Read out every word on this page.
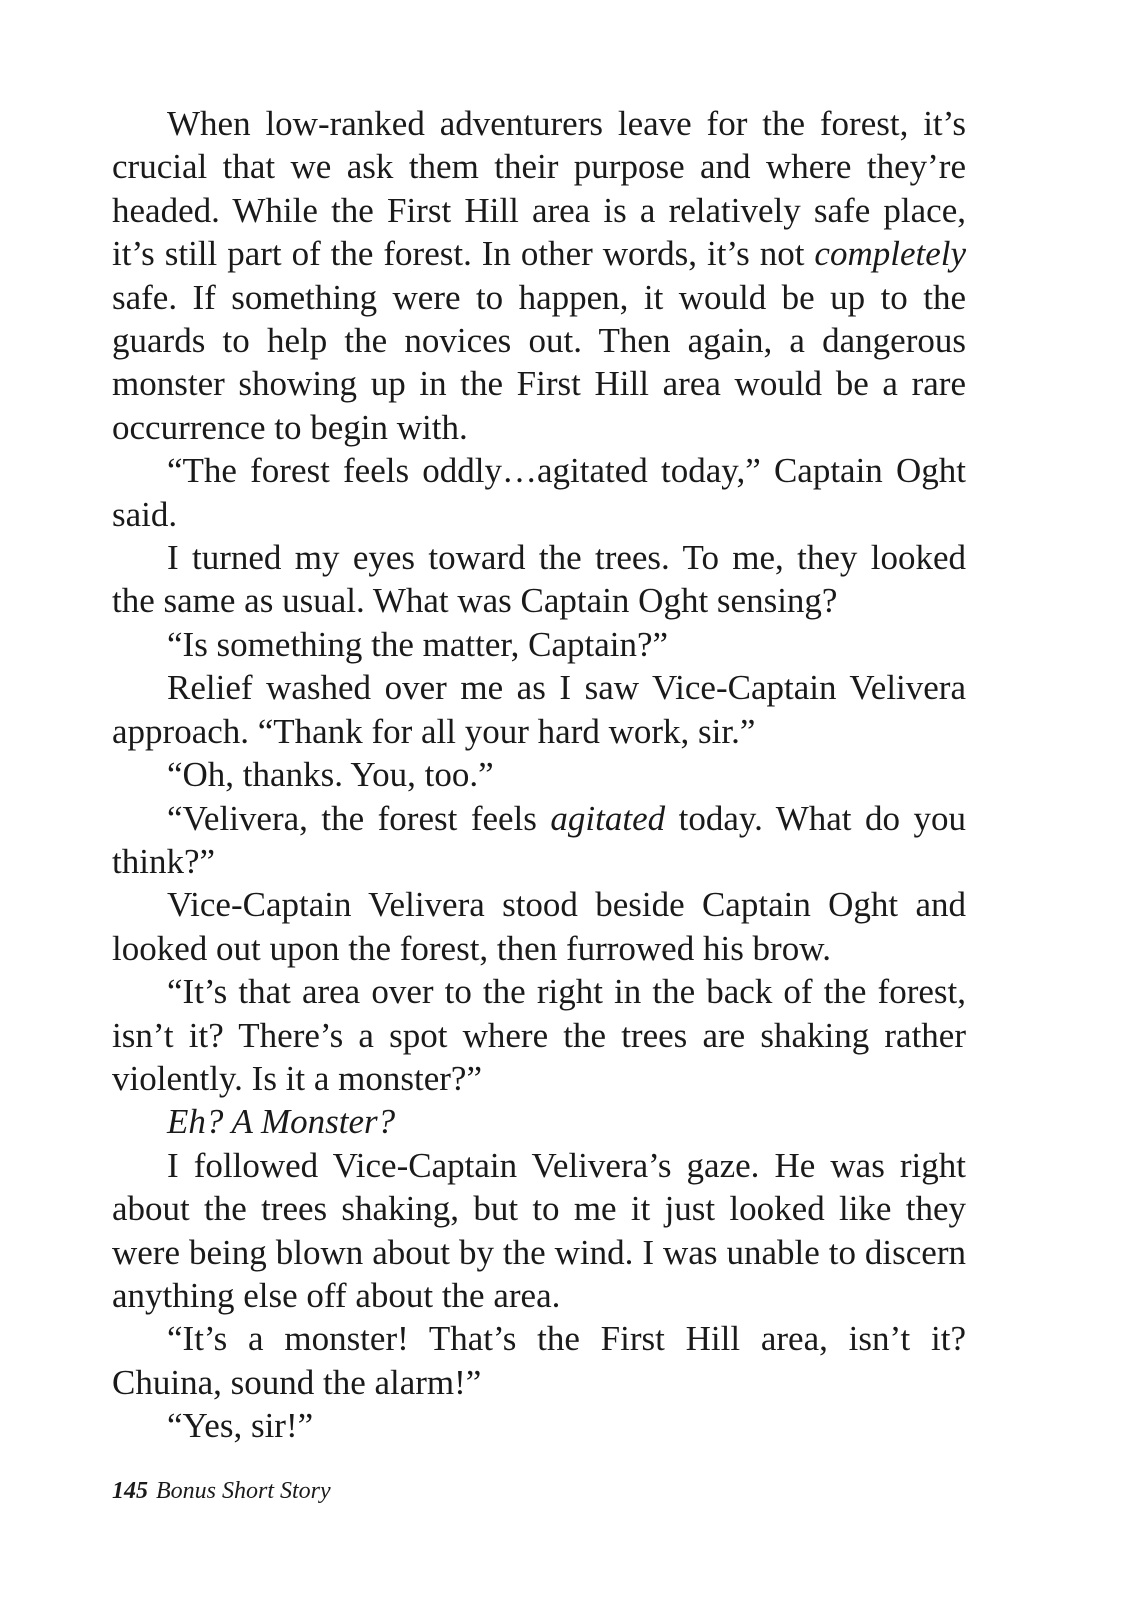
When low-ranked adventurers leave for the forest, it’s crucial that we ask them their purpose and where they’re headed. While the First Hill area is a relatively safe place, it’s still part of the forest. In other words, it’s not completely safe. If something were to happen, it would be up to the guards to help the novices out. Then again, a dangerous monster showing up in the First Hill area would be a rare occurrence to begin with.

“The forest feels oddly…agitated today,” Captain Oght said.

I turned my eyes toward the trees. To me, they looked the same as usual. What was Captain Oght sensing?

“Is something the matter, Captain?”

Relief washed over me as I saw Vice-Captain Velivera approach. “Thank for all your hard work, sir.”

“Oh, thanks. You, too.”

“Velivera, the forest feels agitated today. What do you think?”

Vice-Captain Velivera stood beside Captain Oght and looked out upon the forest, then furrowed his brow.

“It’s that area over to the right in the back of the forest, isn’t it? There’s a spot where the trees are shaking rather violently. Is it a monster?”

Eh? A Monster?

I followed Vice-Captain Velivera’s gaze. He was right about the trees shaking, but to me it just looked like they were being blown about by the wind. I was unable to discern anything else off about the area.

“It’s a monster! That’s the First Hill area, isn’t it? Chuina, sound the alarm!”

“Yes, sir!”

145 Bonus Short Story
